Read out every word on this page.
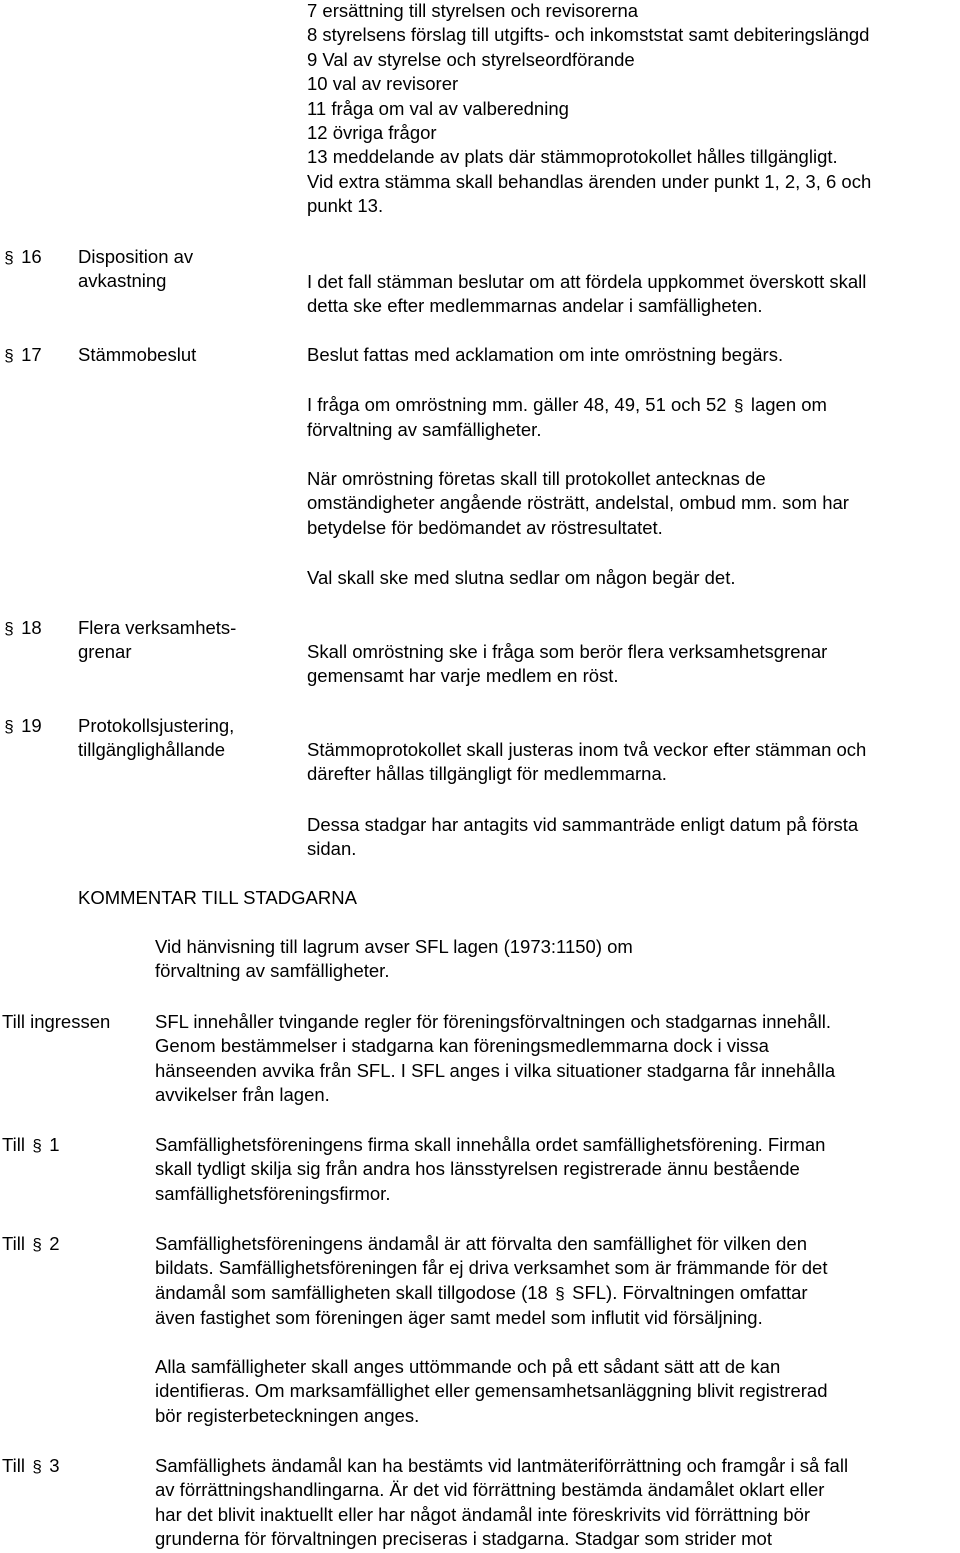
7 ersättning till styrelsen och revisorerna
8 styrelsens förslag till utgifts- och inkomststat samt debiteringslängd
9 Val av styrelse och styrelseordförande
10 val av revisorer
11 fråga om val av valberedning
12 övriga frågor
13 meddelande av plats där stämmoprotokollet hålles tillgängligt.
Vid extra stämma skall behandlas ärenden under punkt 1, 2, 3, 6 och
punkt 13.
§ 16 Disposition av
avkastning	I det fall stämman beslutar om att fördela uppkommet överskott skall
detta ske efter medlemmarnas andelar i samfälligheten.
§ 17 Stämmobeslut	Beslut fattas med acklamation om inte omröstning begärs.
I fråga om omröstning mm. gäller 48, 49, 51 och 52 § lagen om
förvaltning av samfälligheter.
När omröstning företas skall till protokollet antecknas de
omständigheter angående rösträtt, andelstal, ombud mm. som har
betydelse för bedömandet av röstresultatet.
Val skall ske med slutna sedlar om någon begär det.
§ 18 Flera verksamhets-
grenar	Skall omröstning ske i fråga som berör flera verksamhetsgrenar
gemensamt har varje medlem en röst.
§ 19 Protokollsjustering,
tillgänglighållande	Stämmoprotokollet skall justeras inom två veckor efter stämman och
därefter hållas tillgängligt för medlemmarna.
Dessa stadgar har antagits vid sammanträde enligt datum på första
sidan.
KOMMENTAR TILL STADGARNA
Vid hänvisning till lagrum avser SFL lagen (1973:1150) om
förvaltning av samfälligheter.
Till ingressen SFL innehåller tvingande regler för föreningsförvaltningen och stadgarnas innehåll.
Genom bestämmelser i stadgarna kan föreningsmedlemmarna dock i vissa
hänseenden avvika från SFL. I SFL anges i vilka situationer stadgarna får innehålla
avvikelser från lagen.
Till § 1	Samfällighetsföreningens firma skall innehålla ordet samfällighetsförening. Firman
skall tydligt skilja sig från andra hos länsstyrelsen registrerade ännu bestående
samfällighetsföreningsfirmor.
Till § 2	Samfällighetsföreningens ändamål är att förvalta den samfällighet för vilken den
bildats. Samfällighetsföreningen får ej driva verksamhet som är främmande för det
ändamål som samfälligheten skall tillgodose (18 § SFL). Förvaltningen omfattar
även fastighet som föreningen äger samt medel som influtit vid försäljning.
Alla samfälligheter skall anges uttömmande och på ett sådant sätt att de kan
identifieras. Om marksamfällighet eller gemensamhetsanläggning blivit registrerad
bör registerbeteckningen anges.
Till § 3	Samfällighets ändamål kan ha bestämts vid lantmäteriförrättning och framgår i så fall
av förrättningshandlingarna. Är det vid förrättning bestämda ändamålet oklart eller
har det blivit inaktuellt eller har något ändamål inte föreskrivits vid förrättning bör
grunderna för förvaltningen preciseras i stadgarna. Stadgar som strider mot
